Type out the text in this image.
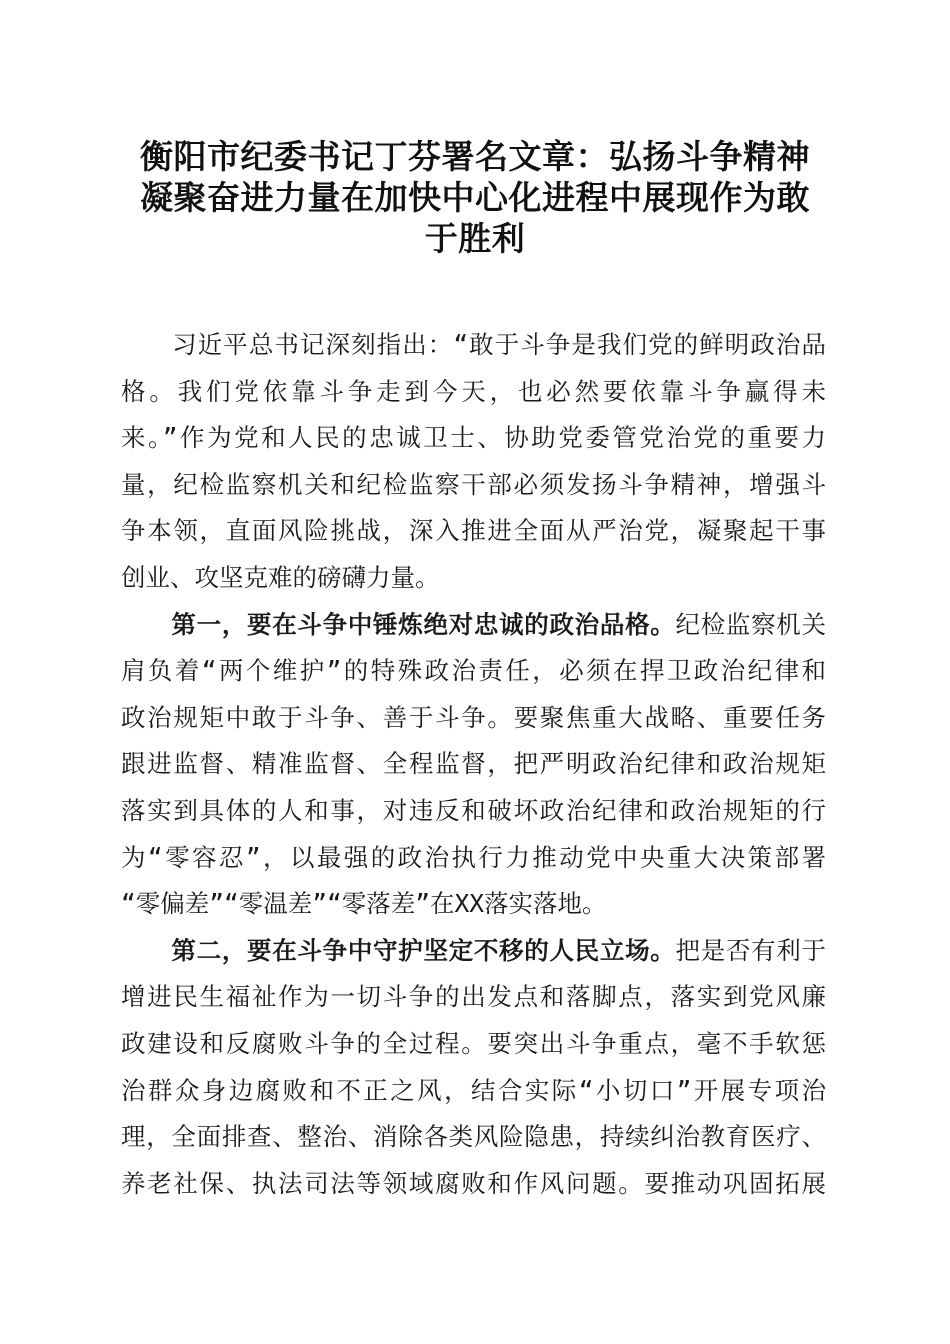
衡阳市纪委书记丁芬署名文章：弘扬斗争精神
凝聚奋进力量在加快中心化进程中展现作为敢
于胜利
　　习近平总书记深刻指出：“敢于斗争是我们党的鲜明政治品
格。我们党依靠斗争走到今天，也必然要依靠斗争赢得未
来。”作为党和人民的忠诚卫士、协助党委管党治党的重要力
量，纪检监察机关和纪检监察干部必须发扬斗争精神，增强斗
争本领，直面风险挑战，深入推进全面从严治党，凝聚起干事
创业、攻坚克难的磅礴力量。
　　第一，要在斗争中锤炼绝对忠诚的政治品格。纪检监察机关
肩负着“两个维护”的特殊政治责任，必须在捍卫政治纪律和
政治规矩中敢于斗争、善于斗争。要聚焦重大战略、重要任务
跟进监督、精准监督、全程监督，把严明政治纪律和政治规矩
落实到具体的人和事，对违反和破坏政治纪律和政治规矩的行
为“零容忍”，以最强的政治执行力推动党中央重大决策部署
“零偏差”“零温差”“零落差”在XX落实落地。
　　第二，要在斗争中守护坚定不移的人民立场。把是否有利于
增进民生福祉作为一切斗争的出发点和落脚点，落实到党风廉
政建设和反腐败斗争的全过程。要突出斗争重点，毫不手软惩
治群众身边腐败和不正之风，结合实际“小切口”开展专项治
理，全面排查、整治、消除各类风险隐患，持续纠治教育医疗、
养老社保、执法司法等领域腐败和作风问题。要推动巩固拓展
